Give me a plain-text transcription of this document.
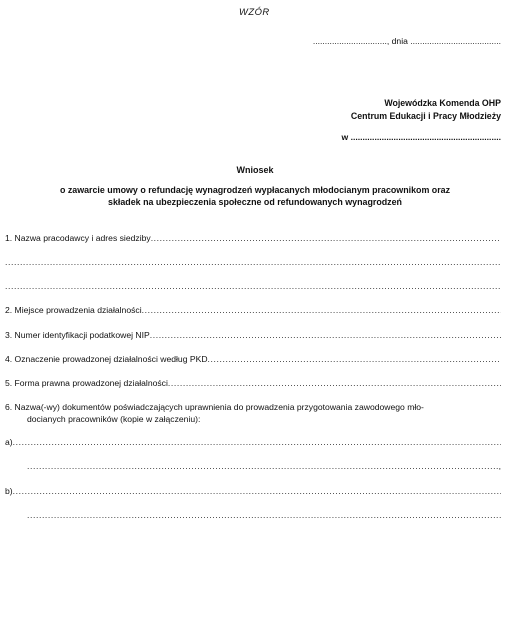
WZÓR
..............................., dnia ......................................
Wojewódzka Komenda OHP
Centrum Edukacji i Pracy Młodzieży
w ...............................................................
Wniosek
o zawarcie umowy o refundację wynagrodzeń wypłacanych młodocianym pracownikom oraz
składek na ubezpieczenia społeczne od refundowanych wynagrodzeń
1. Nazwa pracodawcy i adres siedziby
.....
.....
.....
2. Miejsce prowadzenia działalności
.....
3. Numer identyfikacji podatkowej NIP
.....
4. Oznaczenie prowadzonej działalności według PKD
.....
5. Forma prawna prowadzonej działalności
.....
6. Nazwa(-wy) dokumentów poświadczających uprawnienia do prowadzenia przygotowania zawodowego mło-
docianych pracowników (kopie w załączeniu):
a)
.....
.....
,
b)
.....
.....
